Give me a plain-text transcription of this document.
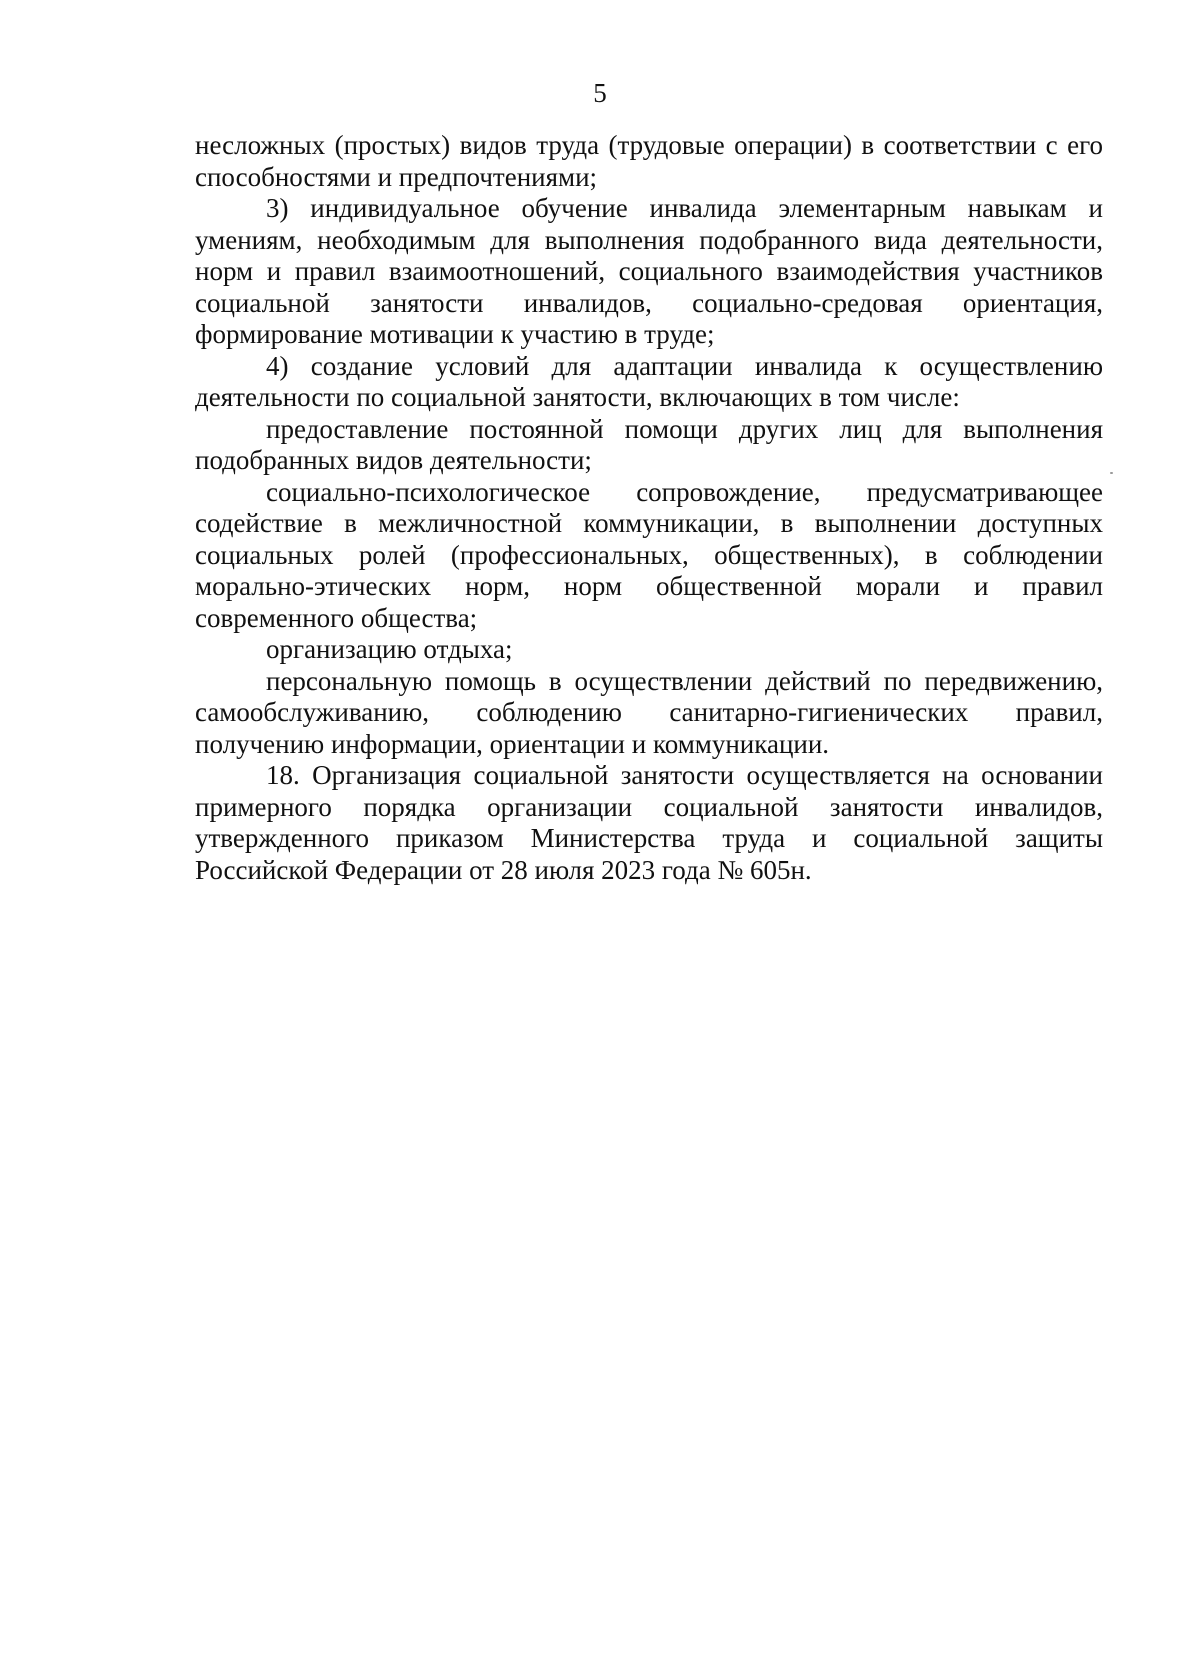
5

несложных (простых) видов труда (трудовые операции) в соответствии с его способностями и предпочтениями;

3) индивидуальное обучение инвалида элементарным навыкам и умениям, необходимым для выполнения подобранного вида деятельности, норм и правил взаимоотношений, социального взаимодействия участников социальной занятости инвалидов, социально-средовая ориентация, формирование мотивации к участию в труде;

4) создание условий для адаптации инвалида к осуществлению деятельности по социальной занятости, включающих в том числе:

предоставление постоянной помощи других лиц для выполнения подобранных видов деятельности;

социально-психологическое сопровождение, предусматривающее содействие в межличностной коммуникации, в выполнении доступных социальных ролей (профессиональных, общественных), в соблюдении морально-этических норм, норм общественной морали и правил современного общества;

организацию отдыха;

персональную помощь в осуществлении действий по передвижению, самообслуживанию, соблюдению санитарно-гигиенических правил, получению информации, ориентации и коммуникации.

18. Организация социальной занятости осуществляется на основании примерного порядка организации социальной занятости инвалидов, утвержденного приказом Министерства труда и социальной защиты Российской Федерации от 28 июля 2023 года № 605н.
